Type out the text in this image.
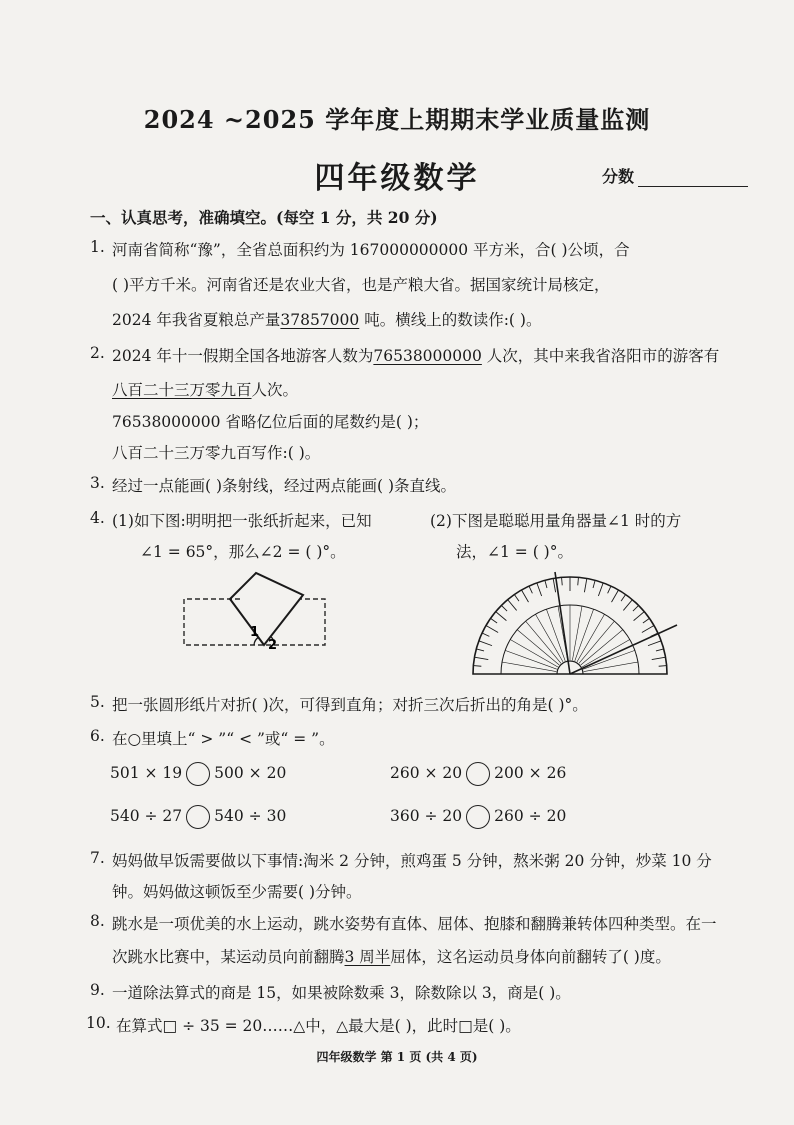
2024 ~2025 学年度上期期末学业质量监测
四年级数学	分数
一、认真思考，准确填空。(每空 1 分，共 20 分)
1. 河南省简称“豫”，全省总面积约为 167000000000 平方米，合( )公顷，合
( )平方千米。河南省还是农业大省，也是产粮大省。据国家统计局核定，
2024 年我省夏粮总产量37857000 吨。横线上的数读作:( )。
2. 2024 年十一假期全国各地游客人数为76538000000 人次，其中来我省洛阳市的游客有
八百二十三万零九百人次。
76538000000 省略亿位后面的尾数约是( )；
八百二十三万零九百写作:( )。
3. 经过一点能画( )条射线，经过两点能画( )条直线。
4. (1)如下图:明明把一张纸折起来，已知
∠1 = 65°，那么∠2 = ( )°。
(2)下图是聪聪用量角器量∠1 时的方
法，∠1 = ( )°。
1
2
5. 把一张圆形纸片对折( )次，可得到直角；对折三次后折出的角是( )°。
6. 在○里填上“ > ”“ < ”或“ = ”。
501 × 19 500 × 20	260 × 20 200 × 26
540 ÷ 27 540 ÷ 30	360 ÷ 20 260 ÷ 20
7. 妈妈做早饭需要做以下事情:淘米 2 分钟，煎鸡蛋 5 分钟，熬米粥 20 分钟，炒菜 10 分
钟。妈妈做这顿饭至少需要( )分钟。
8. 跳水是一项优美的水上运动，跳水姿势有直体、屈体、抱膝和翻腾兼转体四种类型。在一
次跳水比赛中，某运动员向前翻腾3 周半屈体，这名运动员身体向前翻转了( )度。
9. 一道除法算式的商是 15，如果被除数乘 3，除数除以 3，商是( )。
10. 在算式□ ÷ 35 = 20……△中，△最大是( )，此时□是( )。
四年级数学 第 1 页 (共 4 页)
